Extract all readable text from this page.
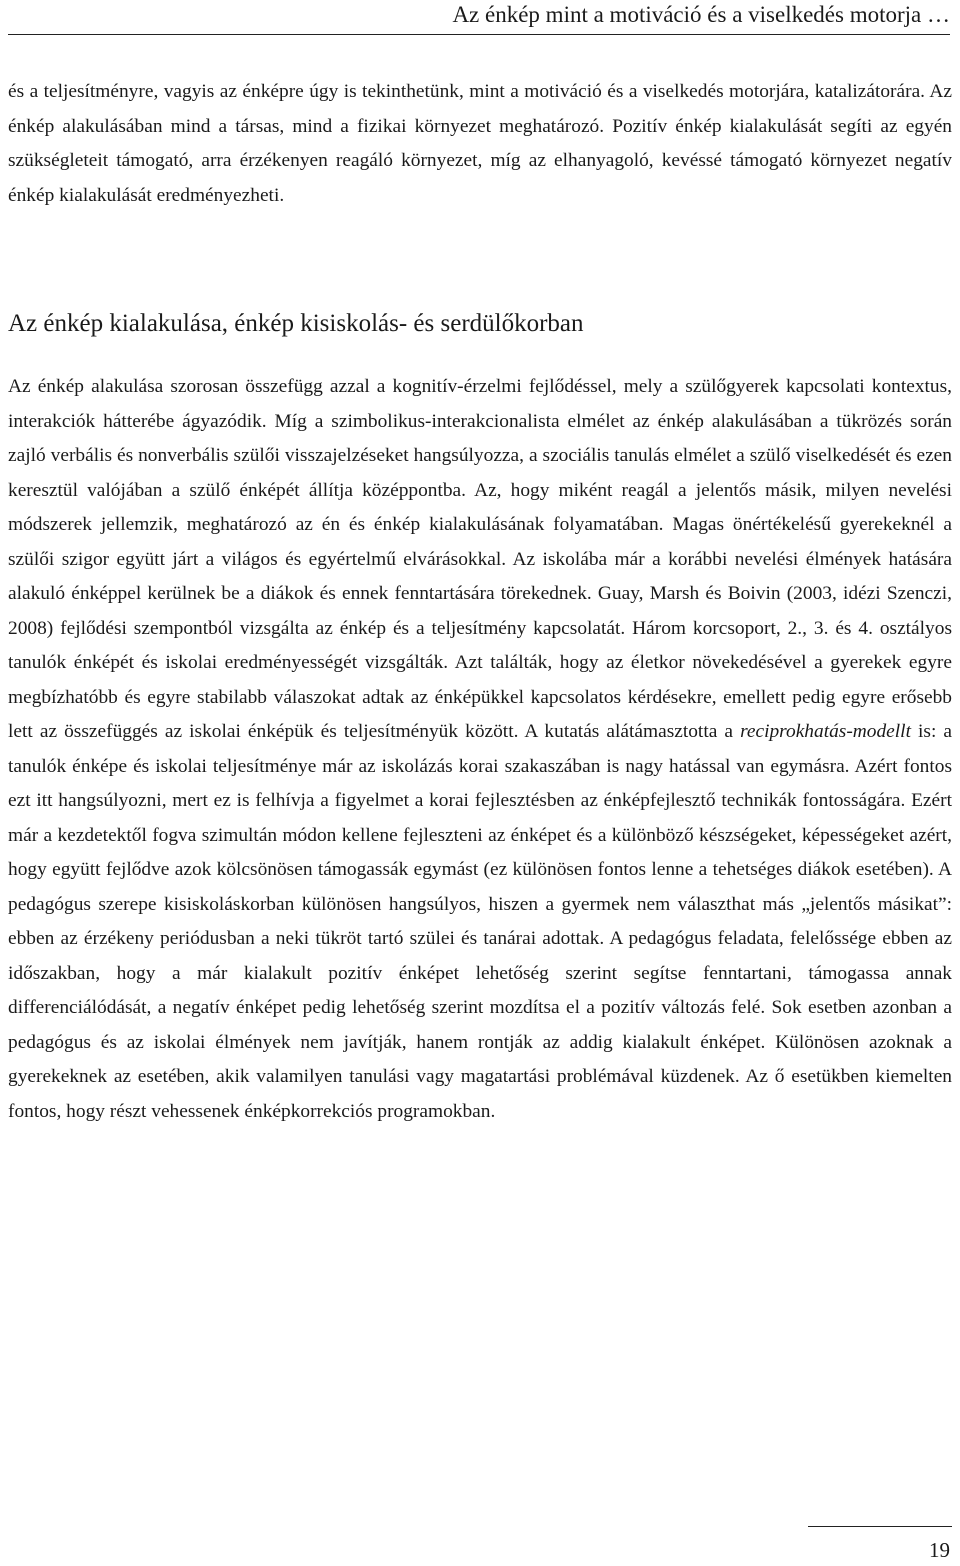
Az énkép mint a motiváció és a viselkedés motorja …

és a teljesítményre, vagyis az énképre úgy is tekinthetünk, mint a motiváció és a viselkedés motorjára, katalizátorára. Az énkép alakulásában mind a társas, mind a fizikai környezet meghatározó. Pozitív énkép kialakulását segíti az egyén szükségleteit támogató, arra érzékenyen reagáló környezet, míg az elhanyagoló, kevéssé támogató környezet negatív énkép kialakulását eredményezheti.

Az énkép kialakulása, énkép kisiskolás- és serdülőkorban

Az énkép alakulása szorosan összefügg azzal a kognitív-érzelmi fejlődéssel, mely a szülőgyerek kapcsolati kontextus, interakciók hátterébe ágyazódik. Míg a szimbolikus-interakcionalista elmélet az énkép alakulásában a tükrözés során zajló verbális és nonverbális szülői visszajelzéseket hangsúlyozza, a szociális tanulás elmélet a szülő viselkedését és ezen keresztül valójában a szülő énképét állítja középpontba. Az, hogy miként reagál a jelentős másik, milyen nevelési módszerek jellemzik, meghatározó az én és énkép kialakulásának folyamatában. Magas önértékelésű gyerekeknél a szülői szigor együtt járt a világos és egyértelmű elvárásokkal. Az iskolába már a korábbi nevelési élmények hatására alakuló énképpel kerülnek be a diákok és ennek fenntartására törekednek. Guay, Marsh és Boivin (2003, idézi Szenczi, 2008) fejlődési szempontból vizsgálta az énkép és a teljesítmény kapcsolatát. Három korcsoport, 2., 3. és 4. osztályos tanulók énképét és iskolai eredményességét vizsgálták. Azt találták, hogy az életkor növekedésével a gyerekek egyre megbízhatóbb és egyre stabilabb válaszokat adtak az énképükkel kapcsolatos kérdésekre, emellett pedig egyre erősebb lett az összefüggés az iskolai énképük és teljesítményük között. A kutatás alátámasztotta a reciprokhatás-modellt is: a tanulók énképe és iskolai teljesítménye már az iskolázás korai szakaszában is nagy hatással van egymásra. Azért fontos ezt itt hangsúlyozni, mert ez is felhívja a figyelmet a korai fejlesztésben az énképfejlesztő technikák fontosságára. Ezért már a kezdetektől fogva szimultán módon kellene fejleszteni az énképet és a különböző készségeket, képességeket azért, hogy együtt fejlődve azok kölcsönösen támogassák egymást (ez különösen fontos lenne a tehetséges diákok esetében). A pedagógus szerepe kisiskoláskorban különösen hangsúlyos, hiszen a gyermek nem választhat más „jelentős másikat”: ebben az érzékeny periódusban a neki tükröt tartó szülei és tanárai adottak. A pedagógus feladata, felelőssége ebben az időszakban, hogy a már kialakult pozitív énképet lehetőség szerint segítse fenntartani, támogassa annak differenciálódását, a negatív énképet pedig lehetőség szerint mozdítsa el a pozitív változás felé. Sok esetben azonban a pedagógus és az iskolai élmények nem javítják, hanem rontják az addig kialakult énképet. Különösen azoknak a gyerekeknek az esetében, akik valamilyen tanulási vagy magatartási problémával küzdenek. Az ő esetükben kiemelten fontos, hogy részt vehessenek énképkorrekciós programokban.

19
